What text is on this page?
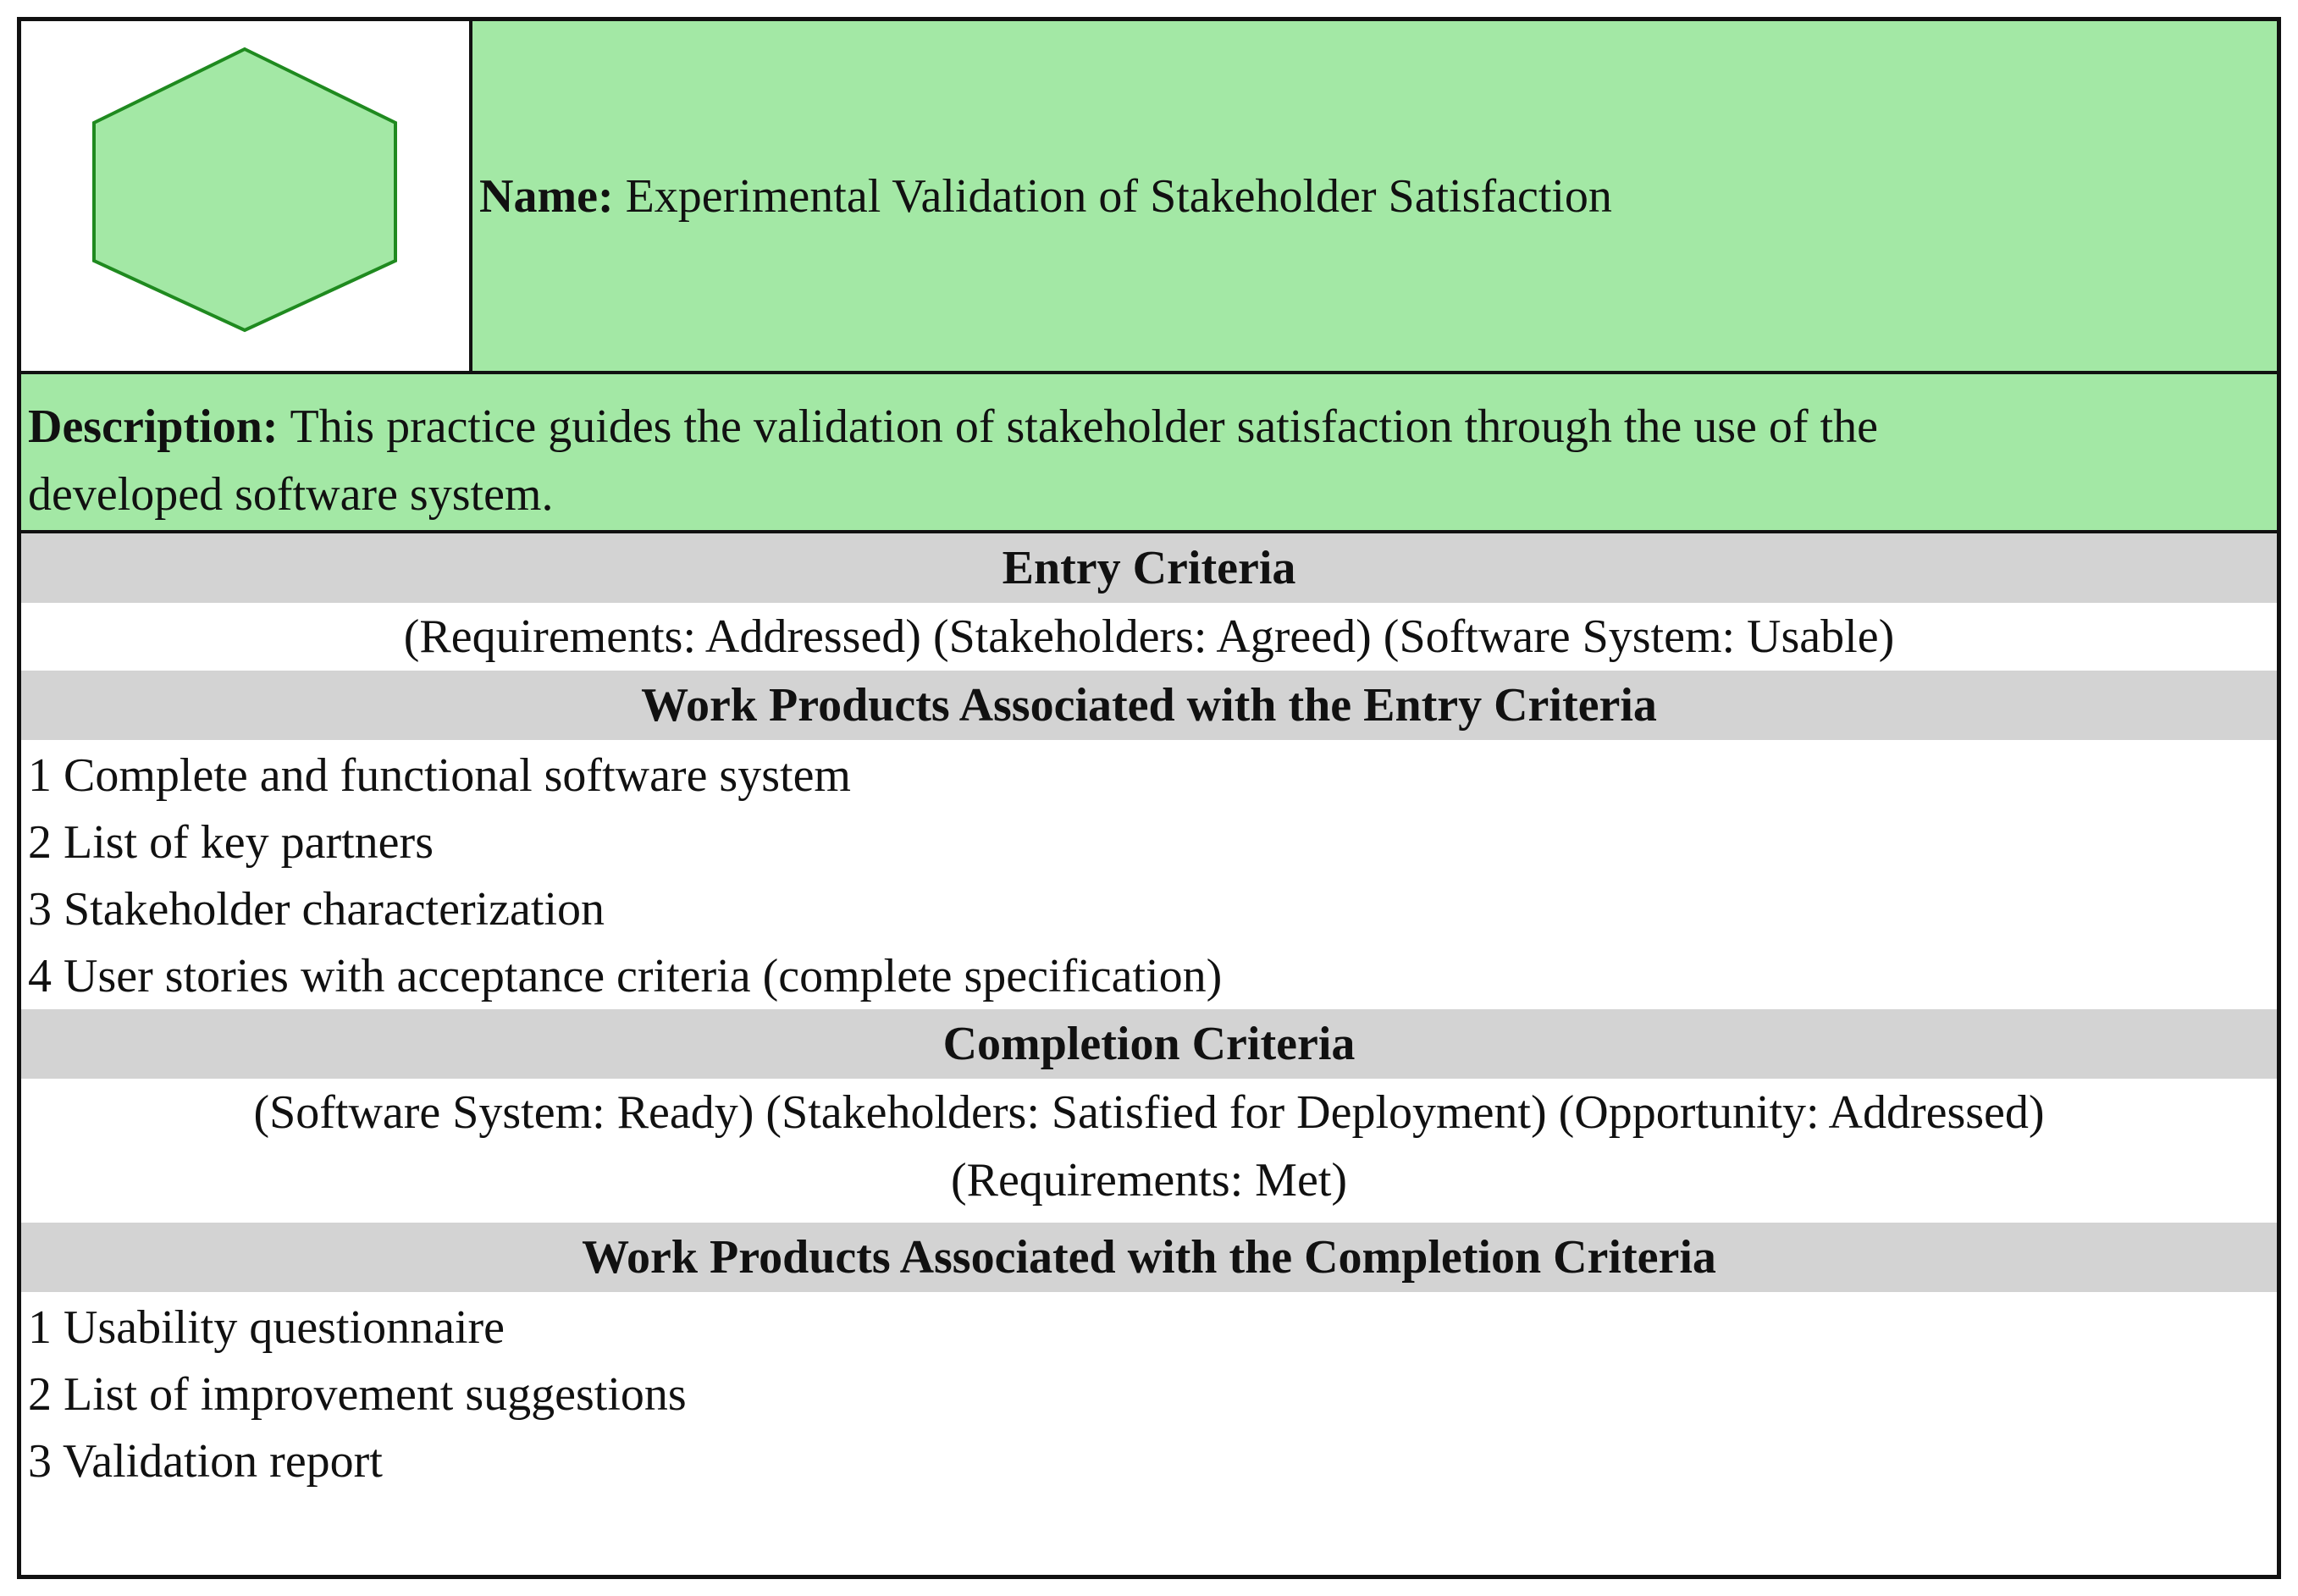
Name:
Experimental Validation of Stakeholder Satisfaction
Description: This practice guides the validation of stakeholder satisfaction through the use of the
developed software system.
Entry Criteria
(Requirements: Addressed) (Stakeholders: Agreed) (Software System: Usable)
Work Products Associated with the Entry Criteria
1 Complete and functional software system
2 List of key partners
3 Stakeholder characterization
4 User stories with acceptance criteria (complete specification)
Completion Criteria
(Software System: Ready) (Stakeholders: Satisfied for Deployment) (Opportunity: Addressed)
(Requirements: Met)
Work Products Associated with the Completion Criteria
1 Usability questionnaire
2 List of improvement suggestions
3 Validation report
